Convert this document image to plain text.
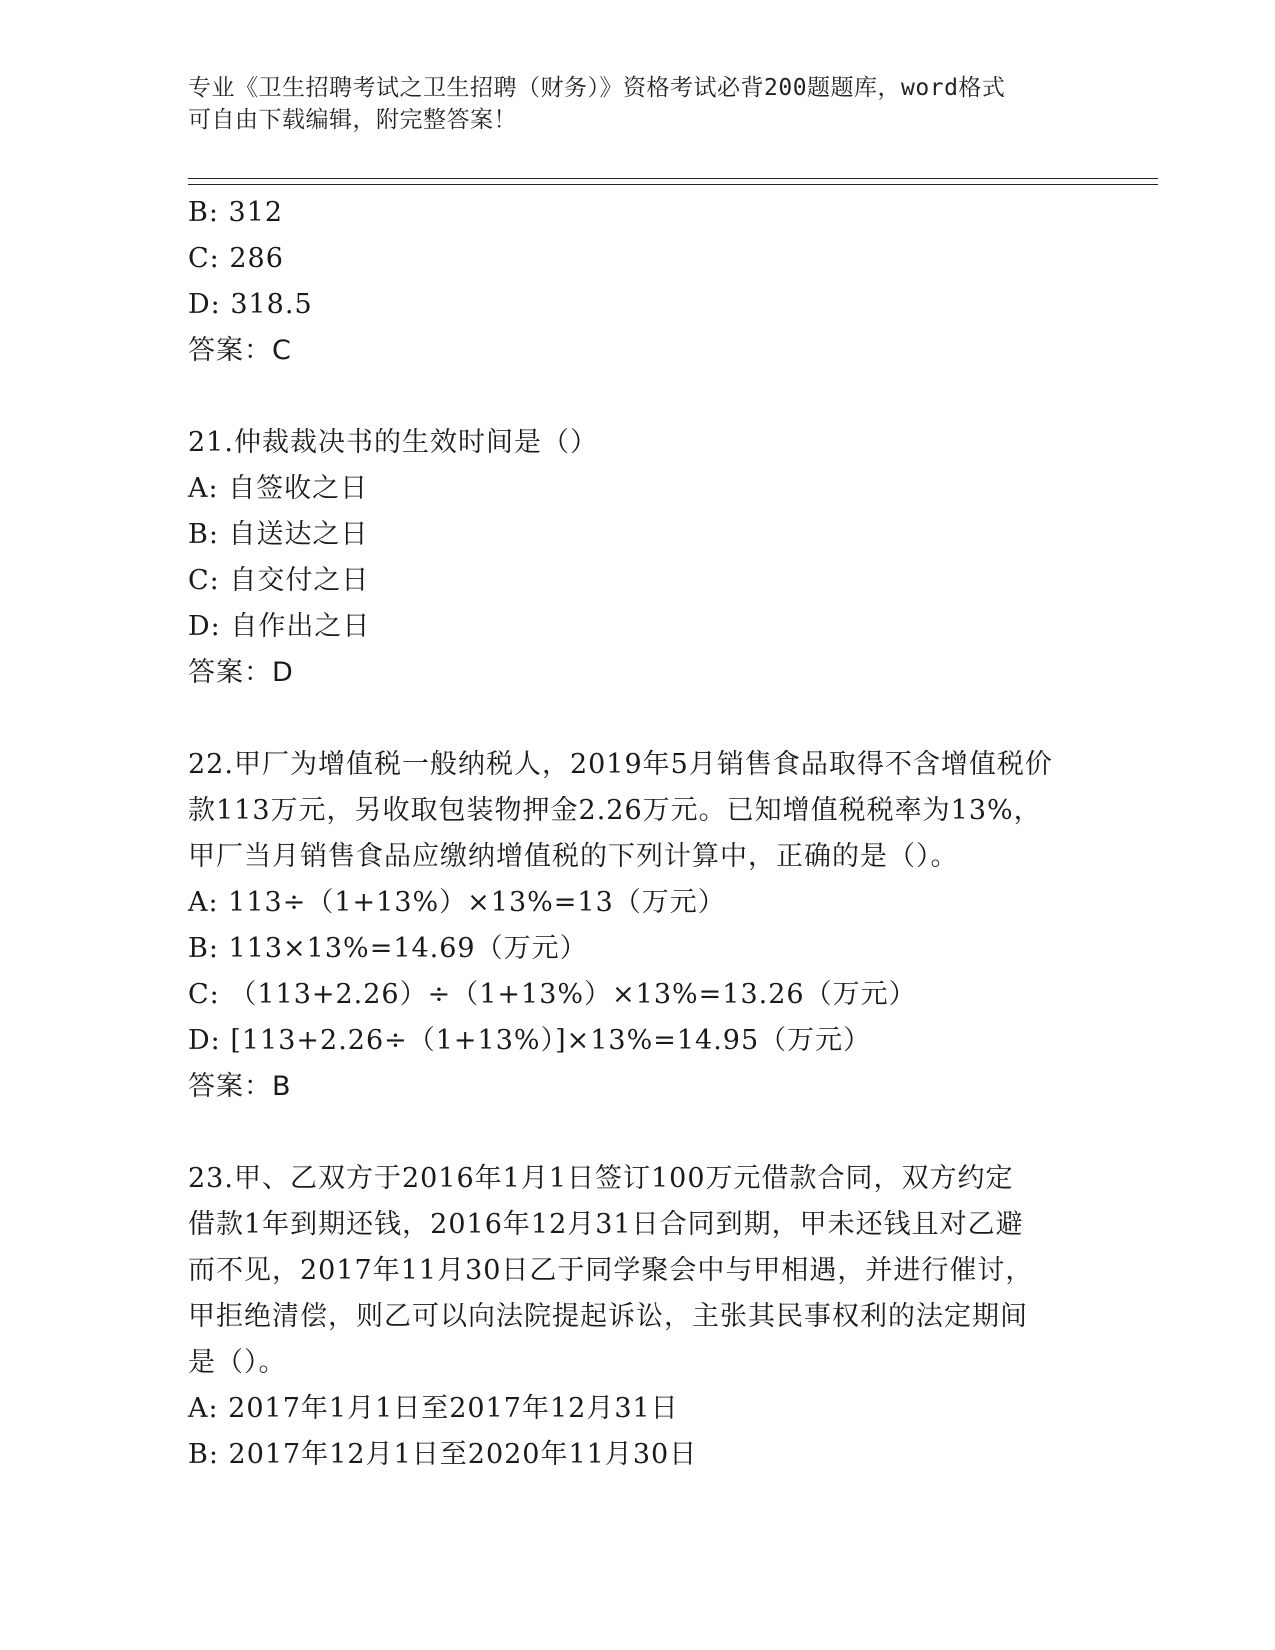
专业《卫生招聘考试之卫生招聘（财务）》资格考试必背200题题库，word格式
可自由下载编辑，附完整答案！
B: 312
C: 286
D: 318.5
答案：C
21.仲裁裁决书的生效时间是（）
A: 自签收之日
B: 自送达之日
C: 自交付之日
D: 自作出之日
答案：D
22.甲厂为增值税一般纳税人，2019年5月销售食品取得不含增值税价
款113万元，另收取包装物押金2.26万元。已知增值税税率为13%，
甲厂当月销售食品应缴纳增值税的下列计算中，正确的是（）。
A: 113÷（1+13%）×13%=13（万元）
B: 113×13%=14.69（万元）
C: （113+2.26）÷（1+13%）×13%=13.26（万元）
D: [113+2.26÷（1+13%）]×13%=14.95（万元）
答案：B
23.甲、乙双方于2016年1月1日签订100万元借款合同，双方约定
借款1年到期还钱，2016年12月31日合同到期，甲未还钱且对乙避
而不见，2017年11月30日乙于同学聚会中与甲相遇，并进行催讨，
甲拒绝清偿，则乙可以向法院提起诉讼，主张其民事权利的法定期间
是（）。
A: 2017年1月1日至2017年12月31日
B: 2017年12月1日至2020年11月30日
